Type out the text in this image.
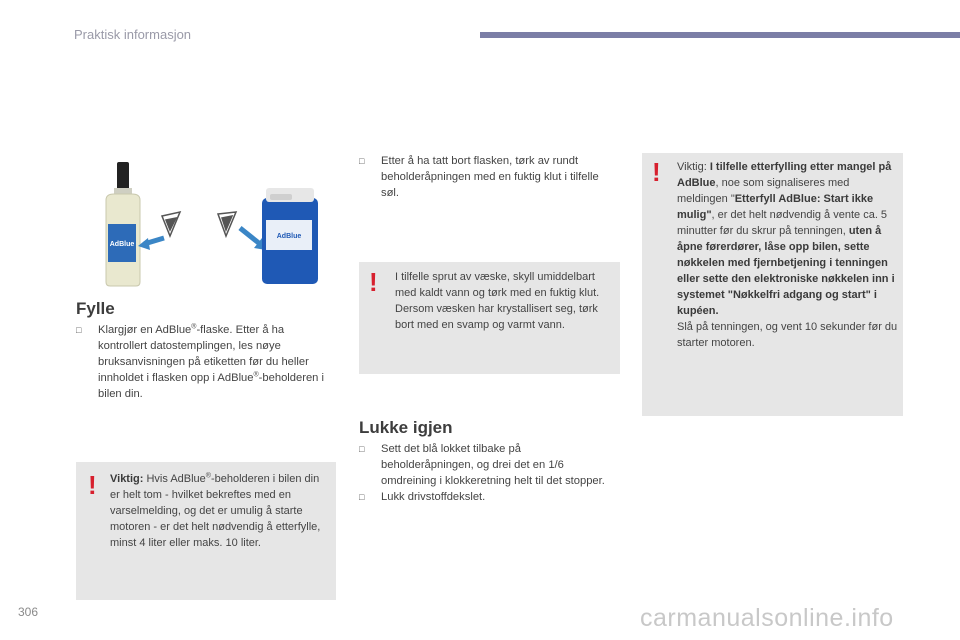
Praktisk informasjon
AdBlue
AdBlue
Fylle
□ Klargjør en AdBlue®-flaske. Etter å ha kontrollert datostemplingen, les nøye bruksanvisningen på etiketten før du heller innholdet i flasken opp i AdBlue®-beholderen i bilen din.
! Viktig: Hvis AdBlue®-beholderen i bilen din er helt tom - hvilket bekreftes med en varselmelding, og det er umulig å starte motoren - er det helt nødvendig å etterfylle, minst 4 liter eller maks. 10 liter.
□ Etter å ha tatt bort flasken, tørk av rundt beholderåpningen med en fuktig klut i tilfelle søl.
! I tilfelle sprut av væske, skyll umiddelbart med kaldt vann og tørk med en fuktig klut.
Dersom væsken har krystallisert seg, tørk bort med en svamp og varmt vann.
Lukke igjen
□ Sett det blå lokket tilbake på beholderåpningen, og drei det en 1/6 omdreining i klokkeretning helt til det stopper.
□ Lukk drivstoffdekslet.
! Viktig: I tilfelle etterfylling etter mangel på AdBlue, noe som signaliseres med meldingen "Etterfyll AdBlue: Start ikke mulig", er det helt nødvendig å vente ca. 5 minutter før du skrur på tenningen, uten å åpne førerdører, låse opp bilen, sette nøkkelen med fjernbetjening i tenningen eller sette den elektroniske nøkkelen inn i systemet "Nøkkelfri adgang og start" i kupéen.
Slå på tenningen, og vent 10 sekunder før du starter motoren.
306	carmanualsonline.info
